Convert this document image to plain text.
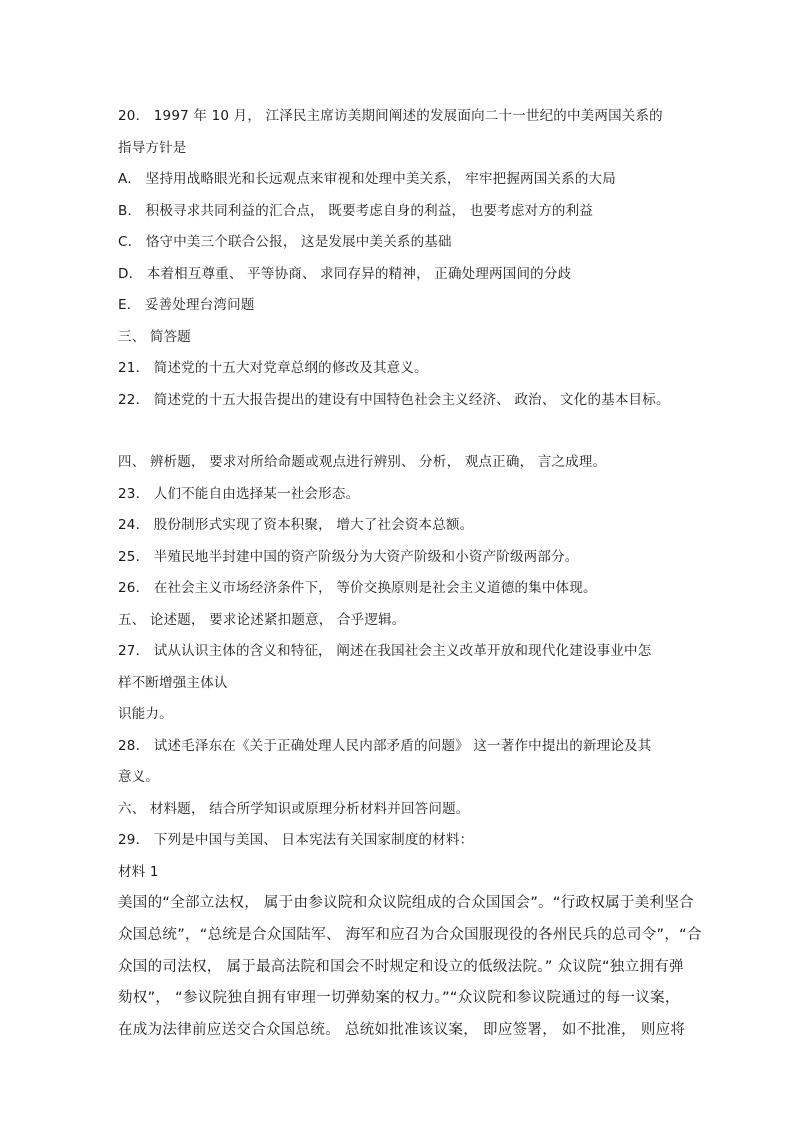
20． 1997 年 10 月， 江泽民主席访美期间阐述的发展面向二十一世纪的中美两国关系的
指导方针是
A． 坚持用战略眼光和长远观点来审视和处理中美关系， 牢牢把握两国关系的大局
B． 积极寻求共同利益的汇合点， 既要考虑自身的利益， 也要考虑对方的利益
C． 恪守中美三个联合公报， 这是发展中美关系的基础
D． 本着相互尊重、 平等协商、 求同存异的精神， 正确处理两国间的分歧
E． 妥善处理台湾问题
三、 简答题
21． 简述党的十五大对党章总纲的修改及其意义。
22． 简述党的十五大报告提出的建设有中国特色社会主义经济、 政治、 文化的基本目标。
四、 辨析题， 要求对所给命题或观点进行辨别、 分析， 观点正确， 言之成理。
23． 人们不能自由选择某一社会形态。
24． 股份制形式实现了资本积聚， 增大了社会资本总额。
25． 半殖民地半封建中国的资产阶级分为大资产阶级和小资产阶级两部分。
26． 在社会主义市场经济条件下， 等价交换原则是社会主义道德的集中体现。
五、 论述题， 要求论述紧扣题意， 合乎逻辑。
27． 试从认识主体的含义和特征， 阐述在我国社会主义改革开放和现代化建设事业中怎
样不断增强主体认
识能力。
28． 试述毛泽东在《关于正确处理人民内部矛盾的问题》 这一著作中提出的新理论及其
意义。
六、 材料题， 结合所学知识或原理分析材料并回答问题。
29． 下列是中国与美国、 日本宪法有关国家制度的材料：
材料 1
美国的“全部立法权， 属于由参议院和众议院组成的合众国国会”。“行政权属于美利坚合
众国总统”，“总统是合众国陆军、 海军和应召为合众国服现役的各州民兵的总司令”，“合
众国的司法权， 属于最高法院和国会不时规定和设立的低级法院。” 众议院“独立拥有弹
劾权”， “参议院独自拥有审理一切弹劾案的权力。”“众议院和参议院通过的每一议案，
在成为法律前应送交合众国总统。 总统如批准该议案， 即应签署， 如不批准， 则应将
